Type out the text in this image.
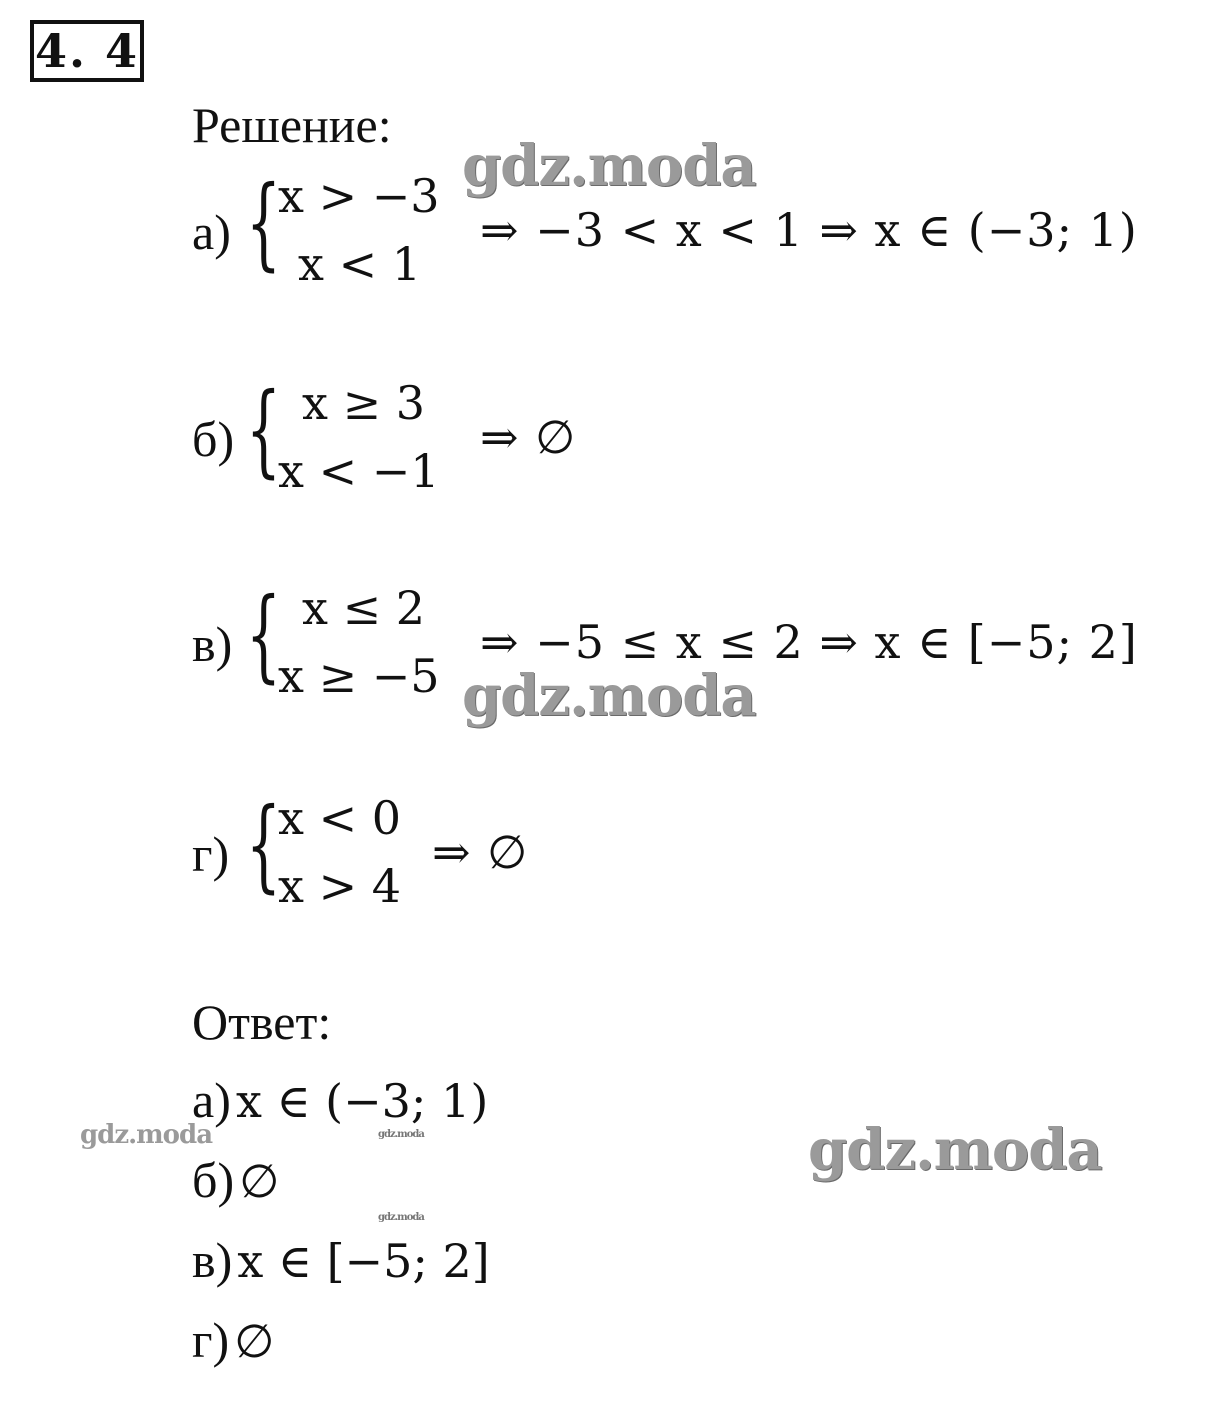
4. 4
Решение:
а) {
x > −3
x < 1
⇒ −3 < x < 1 ⇒ x ∈ (−3; 1)
б) { x ≥ 3
x < −1
⇒ ∅
в) { x ≤ 2
x ≥ −5
⇒ −5 ≤ x ≤ 2 ⇒ x ∈ [−5; 2]
г) {
x < 0
x > 4
⇒ ∅
Ответ:
а) x ∈ (−3; 1)
б) ∅
в) x ∈ [−5; 2]
г) ∅
gdz.moda
gdz.moda
gdz.moda
gdz.moda	gdz.moda
gdz.moda
